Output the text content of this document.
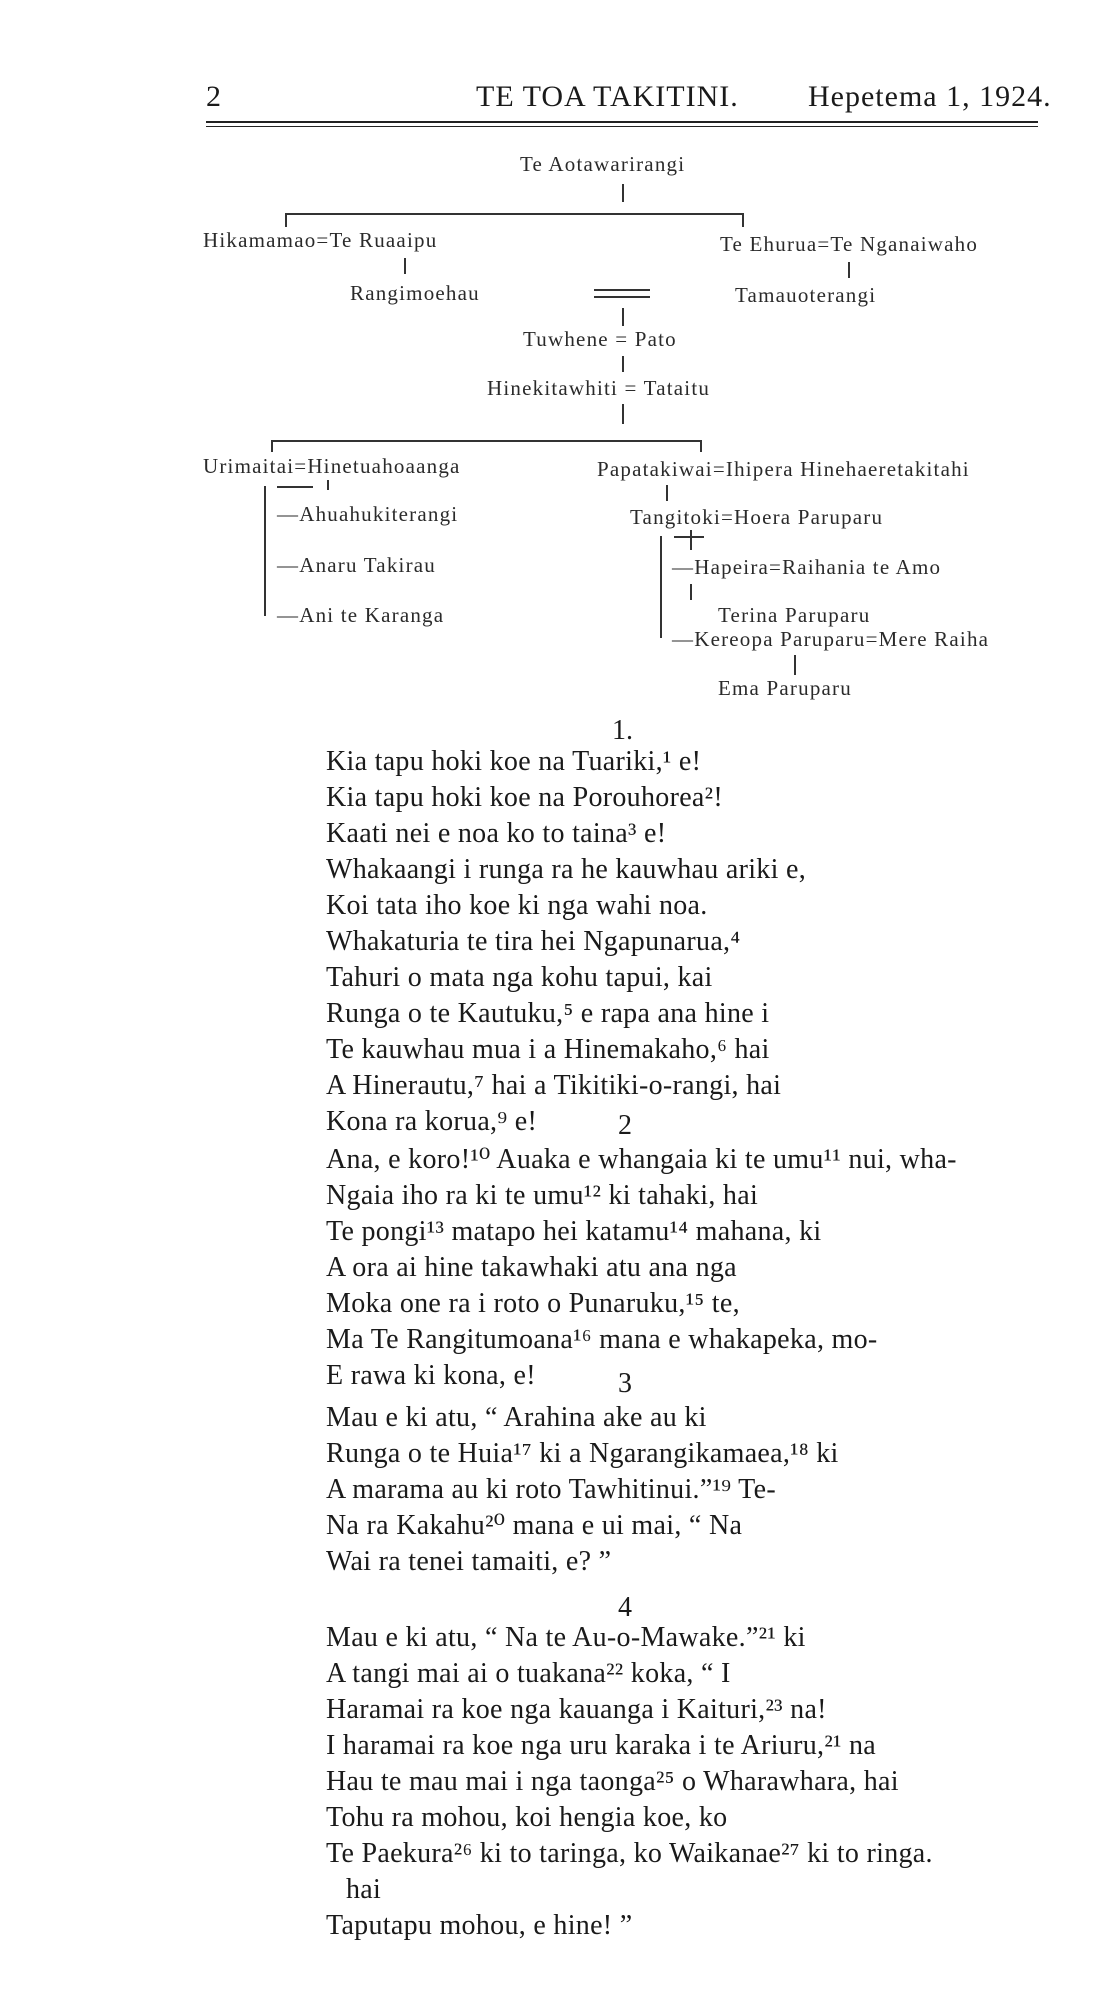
2	TE TOA TAKITINI. Hepetema 1, 1924.
Te Aotawarirangi
Hikamamao=Te Ruaaipu	Te Ehurua=Te Nganaiwaho
Rangimoehau	Tamauoterangi
Tuwhene = Pato
Hinekitawhiti = Tataitu
Urimaitai=Hinetuahoaanga
—Ahuahukiterangi
—Anaru Takirau
—Ani te Karanga
Papatakiwai=Ihipera Hinehaeretakitahi
Tangitoki=Hoera Paruparu
—Hapeira=Raihania te Amo
Terina Paruparu
—Kereopa Paruparu=Mere Raiha
Ema Paruparu
1.
Kia tapu hoki koe na Tuariki,¹ e!
Kia tapu hoki koe na Porouhorea²!
Kaati nei e noa ko to taina³ e!
Whakaangi i runga ra he kauwhau ariki e,
Koi tata iho koe ki nga wahi noa.
Whakaturia te tira hei Ngapunarua,⁴
Tahuri o mata nga kohu tapui, kai
Runga o te Kautuku,⁵ e rapa ana hine i
Te kauwhau mua i a Hinemakaho,⁶ hai
A Hinerautu,⁷ hai a Tikitiki-o-rangi, hai
Kona ra korua,⁹ e!	2
Ana, e koro!¹⁰ Auaka e whangaia ki te umu¹¹ nui, wha-
Ngaia iho ra ki te umu¹² ki tahaki, hai
Te pongi¹³ matapo hei katamu¹⁴ mahana, ki
A ora ai hine takawhaki atu ana nga
Moka one ra i roto o Punaruku,¹⁵ te,
Ma Te Rangitumoana¹⁶ mana e whakapeka, mo-
E rawa ki kona, e!	3
Mau e ki atu, “ Arahina ake au ki
Runga o te Huia¹⁷ ki a Ngarangikamaea,¹⁸ ki
A marama au ki roto Tawhitinui.”¹⁹ Te-
Na ra Kakahu²⁰ mana e ui mai, “ Na
Wai ra tenei tamaiti, e? ”
4
Mau e ki atu, “ Na te Au-o-Mawake.”²¹ ki
A tangi mai ai o tuakana²² koka, “ I
Haramai ra koe nga kauanga i Kaituri,²³ na!
I haramai ra koe nga uru karaka i te Ariuru,²¹ na
Hau te mau mai i nga taonga²⁵ o Wharawhara, hai
Tohu ra mohou, koi hengia koe, ko
Te Paekura²⁶ ki to taringa, ko Waikanae²⁷ ki to ringa.
hai
Taputapu mohou, e hine! ”
